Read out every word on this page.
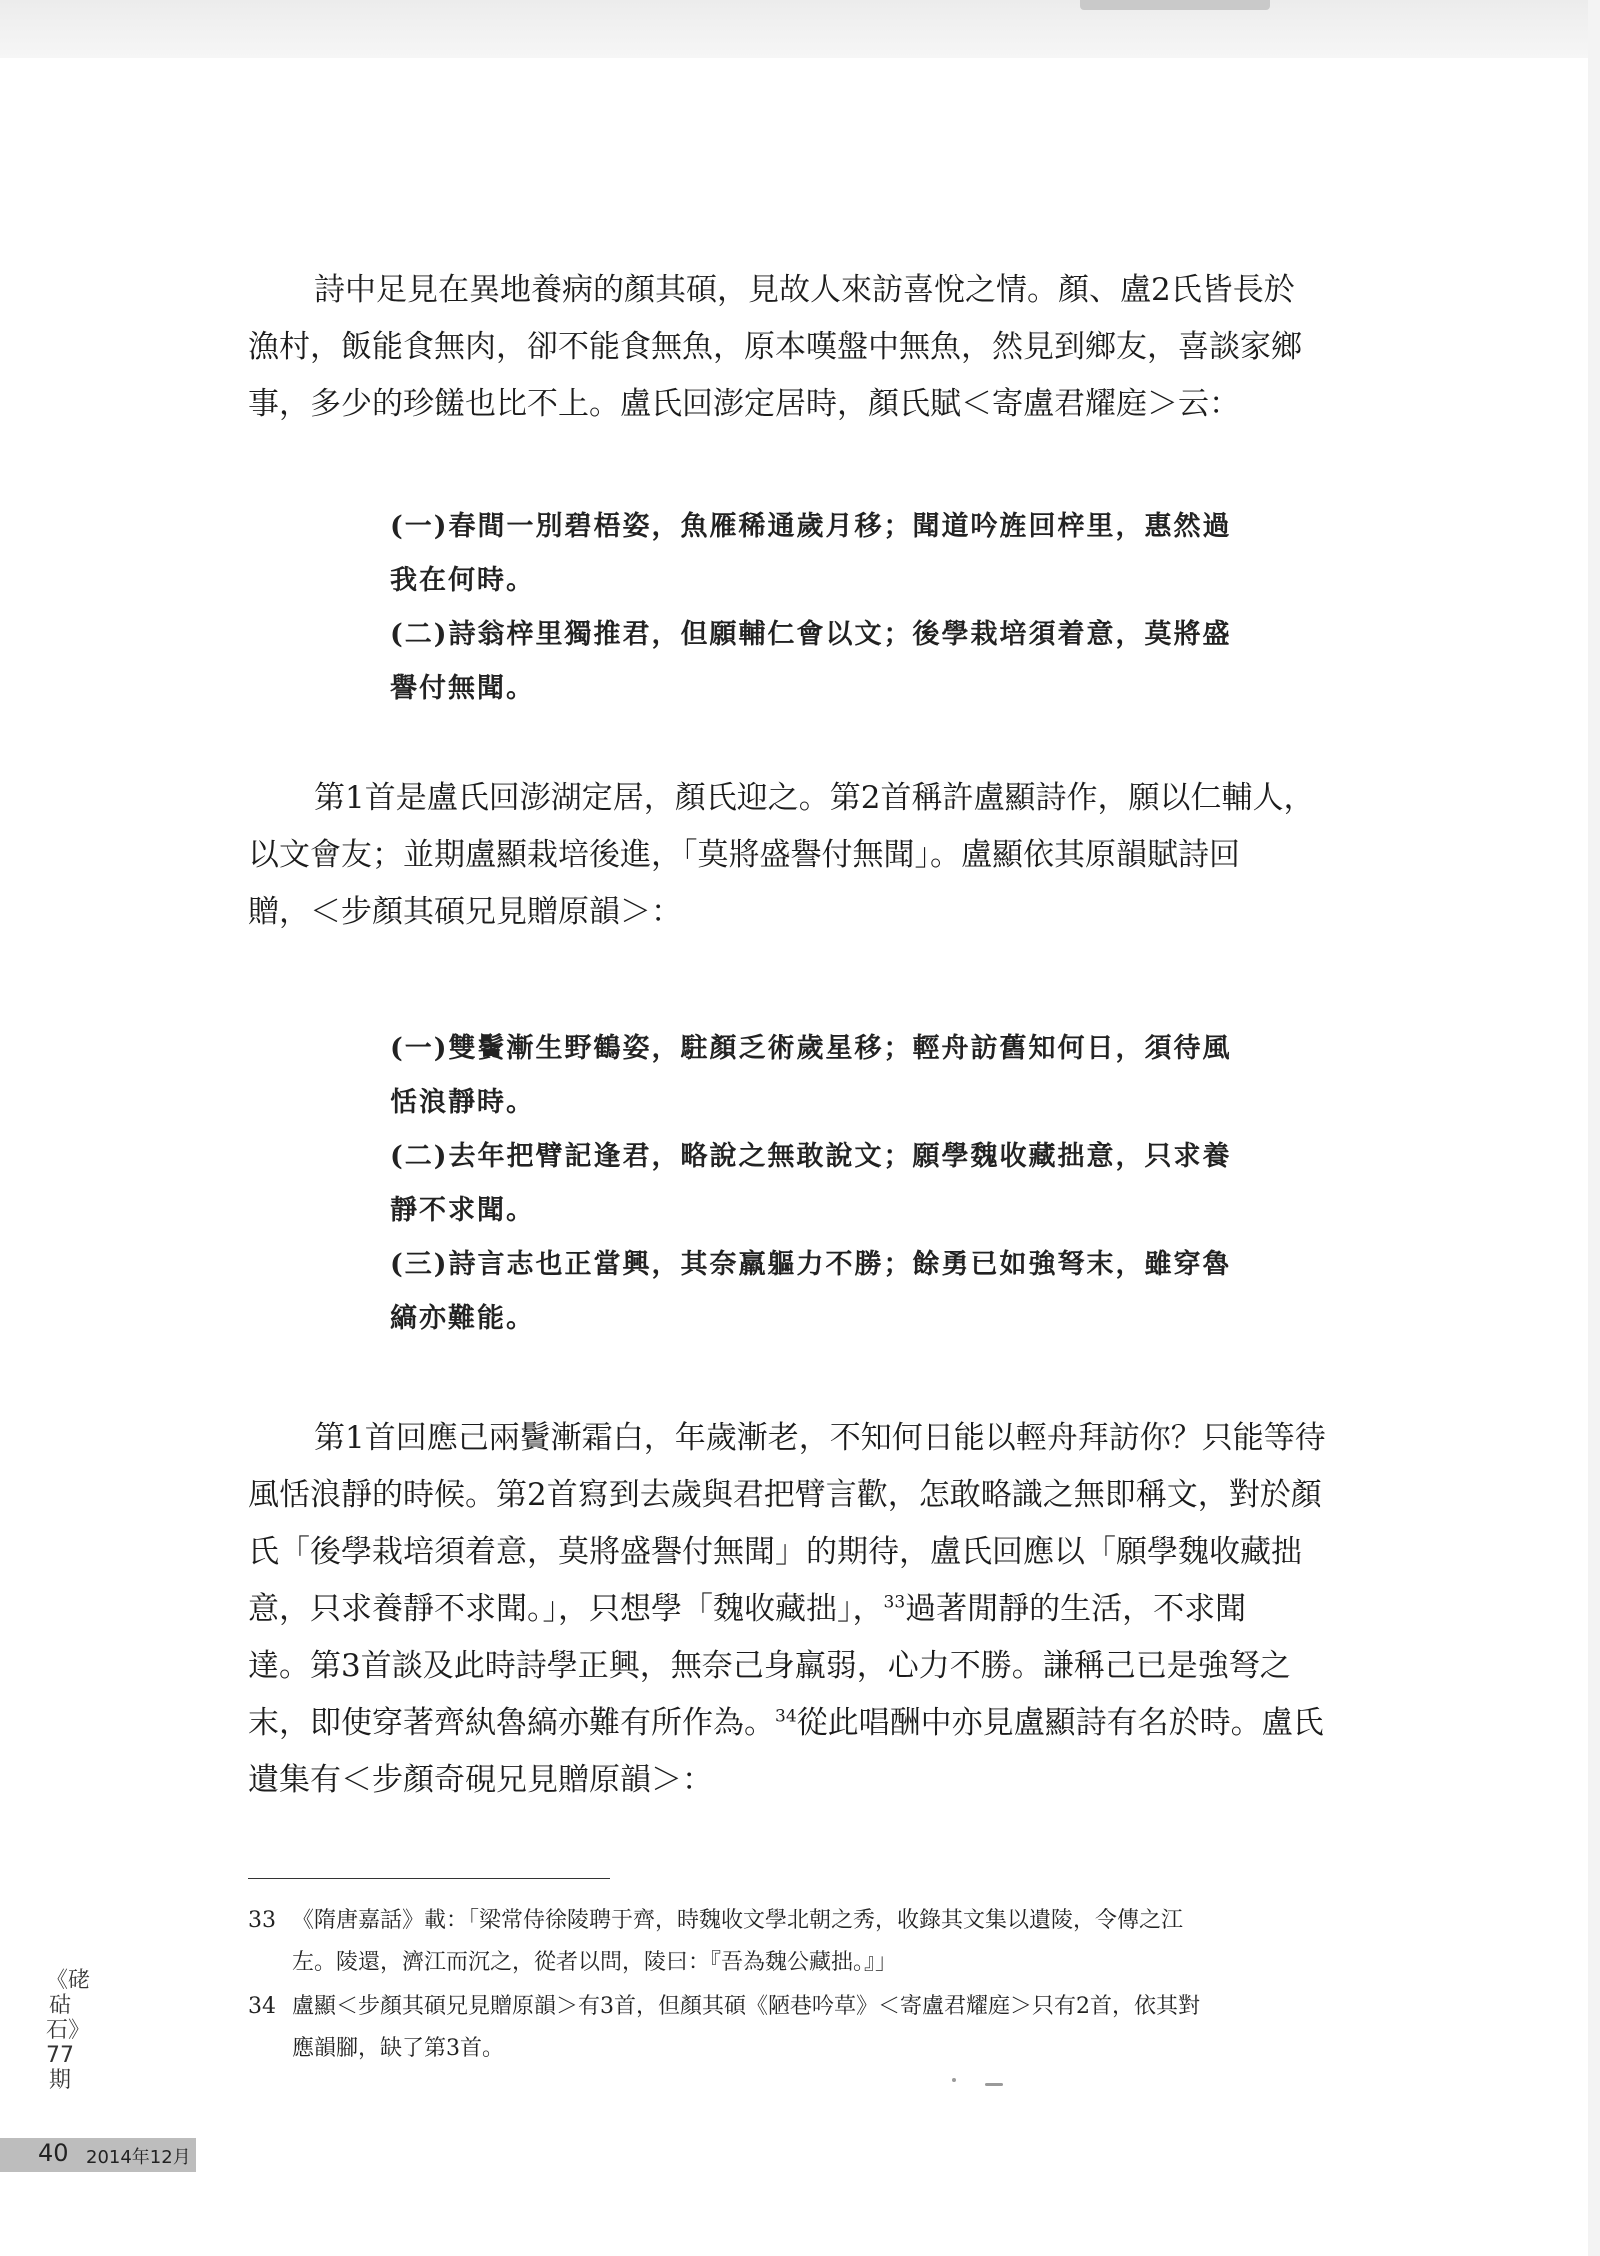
詩中足見在異地養病的顏其碩，見故人來訪喜悅之情。顏、盧2氏皆長於
漁村，飯能食無肉，卻不能食無魚，原本嘆盤中無魚，然見到鄉友，喜談家鄉
事，多少的珍饈也比不上。盧氏回澎定居時，顏氏賦＜寄盧君耀庭＞云：

(一)春間一別碧梧姿，魚雁稀通歲月移；聞道吟旌回梓里，惠然過
我在何時。
(二)詩翁梓里獨推君，但願輔仁會以文；後學栽培須着意，莫將盛
譽付無聞。

第1首是盧氏回澎湖定居，顏氏迎之。第2首稱許盧顯詩作，願以仁輔人，
以文會友；並期盧顯栽培後進，「莫將盛譽付無聞」。盧顯依其原韻賦詩回
贈，＜步顏其碩兄見贈原韻＞：

(一)雙鬢漸生野鶴姿，駐顏乏術歲星移；輕舟訪舊知何日，須待風
恬浪靜時。
(二)去年把臂記逢君，略說之無敢說文；願學魏收藏拙意，只求養
靜不求聞。
(三)詩言志也正當興，其奈羸軀力不勝；餘勇已如強弩末，雖穿魯
縞亦難能。

第1首回應己兩鬢漸霜白，年歲漸老，不知何日能以輕舟拜訪你？只能等待
風恬浪靜的時候。第2首寫到去歲與君把臂言歡，怎敢略識之無即稱文，對於顏
氏「後學栽培須着意，莫將盛譽付無聞」的期待，盧氏回應以「願學魏收藏拙
意，只求養靜不求聞。」，只想學「魏收藏拙」，$^{33}$過著閒靜的生活，不求聞
達。第3首談及此時詩學正興，無奈己身羸弱，心力不勝。謙稱己已是強弩之
末，即使穿著齊紈魯縞亦難有所作為。$^{34}$從此唱酬中亦見盧顯詩有名於時。盧氏
遺集有＜步顏奇硯兄見贈原韻＞：

33 《隋唐嘉話》載：「梁常侍徐陵聘于齊，時魏收文學北朝之秀，收錄其文集以遺陵，令傳之江
左。陵還，濟江而沉之，從者以問，陵曰：『吾為魏公藏拙。』」
34 盧顯＜步顏其碩兄見贈原韻＞有3首，但顏其碩《陋巷吟草》＜寄盧君耀庭＞只有2首，依其對
應韻腳，缺了第3首。
《硓𥑮石》77期
40 2014年12月
